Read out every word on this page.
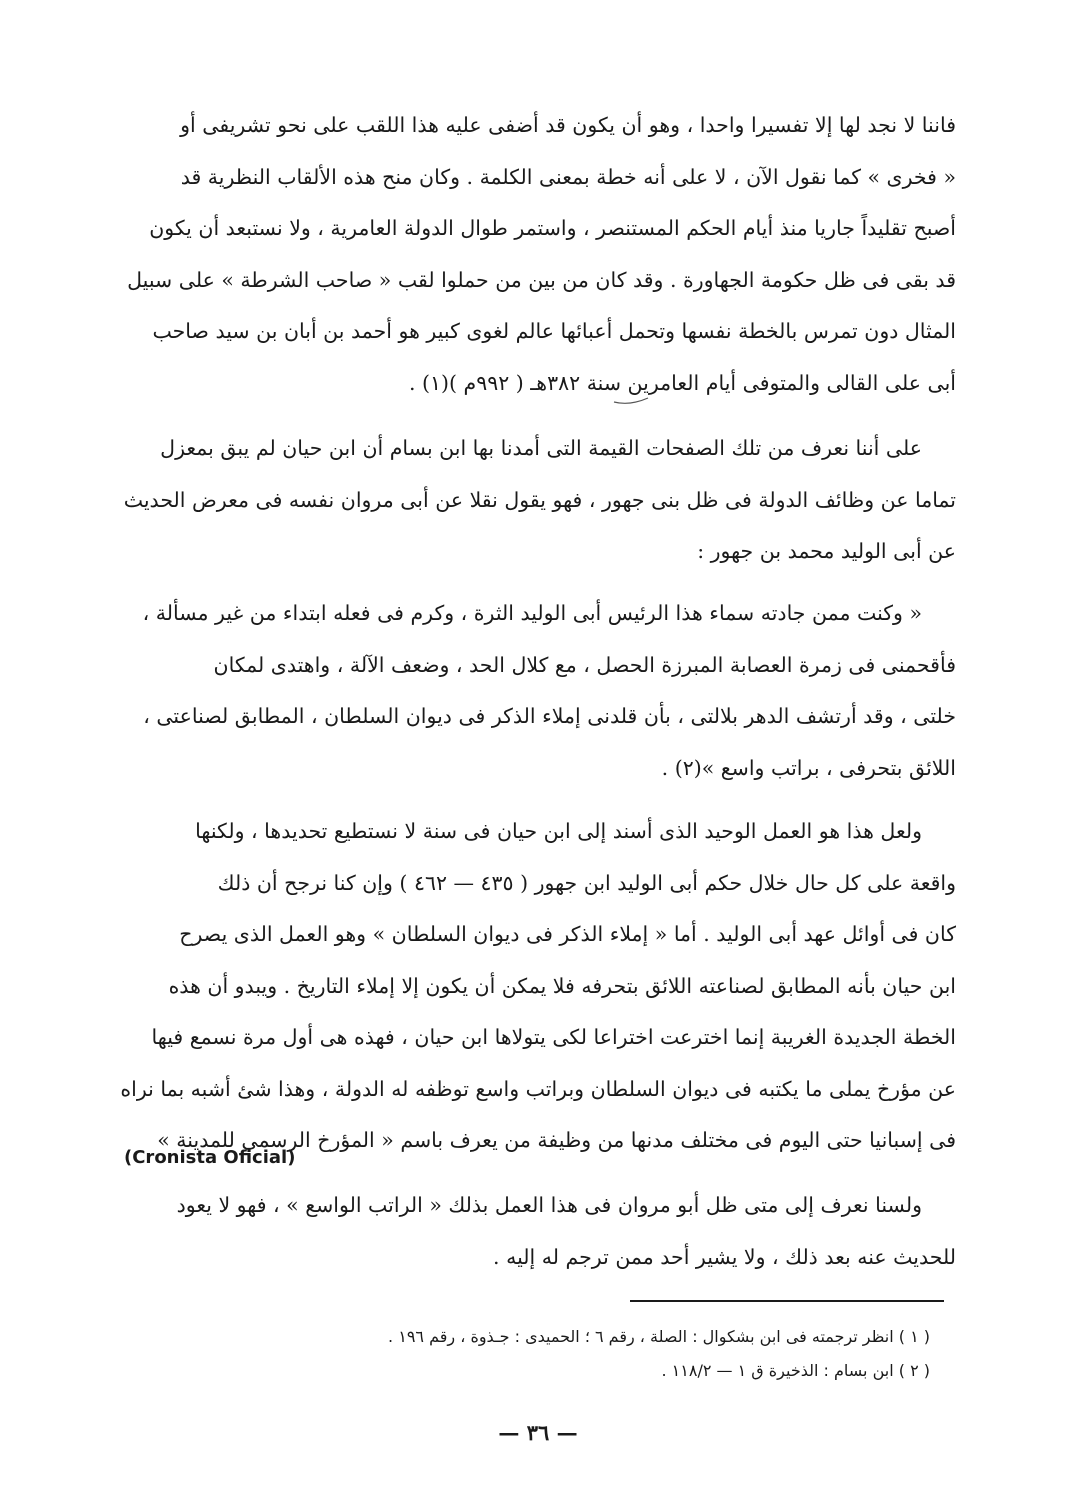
فاننا لا نجد لها إلا تفسيرا واحدا ، وهو أن يكون قد أضفى عليه هذا اللقب على نحو تشريفى أو

« فخرى » كما نقول الآن ، لا على أنه خطة بمعنى الكلمة . وكان منح هذه الألقاب النظرية قد

أصبح تقليداً جاريا منذ أيام الحكم المستنصر ، واستمر طوال الدولة العامرية ، ولا نستبعد أن يكون

قد بقى فى ظل حكومة الجهاورة . وقد كان من بين من حملوا لقب « صاحب الشرطة » على سبيل

المثال دون تمرس بالخطة نفسها وتحمل أعبائها عالم لغوى كبير هو أحمد بن أبان بن سيد صاحب

أبى على القالى والمتوفى أيام العامرين سنة ٣٨٢هـ ( ٩٩٢م )(١) .

على أننا نعرف من تلك الصفحات القيمة التى أمدنا بها ابن بسام أن ابن حيان لم يبق بمعزل

تماما عن وظائف الدولة فى ظل بنى جهور ، فهو يقول نقلا عن أبى مروان نفسه فى معرض الحديث

عن أبى الوليد محمد بن جهور :

« وكنت ممن جادته سماء هذا الرئيس أبى الوليد الثرة ، وكرم فى فعله ابتداء من غير مسألة ،

فأقحمنى فى زمرة العصابة المبرزة الحصل ، مع كلال الحد ، وضعف الآلة ، واهتدى لمكان

خلتى ، وقد أرتشف الدهر بلالتى ، بأن قلدنى إملاء الذكر فى ديوان السلطان ، المطابق لصناعتى ،

اللائق بتحرفى ، براتب واسع »(٢) .

ولعل هذا هو العمل الوحيد الذى أسند إلى ابن حيان فى سنة لا نستطيع تحديدها ، ولكنها

واقعة على كل حال خلال حكم أبى الوليد ابن جهور ( ٤٣٥ — ٤٦٢ ) وإن كنا نرجح أن ذلك

كان فى أوائل عهد أبى الوليد . أما « إملاء الذكر فى ديوان السلطان » وهو العمل الذى يصرح

ابن حيان بأنه المطابق لصناعته اللائق بتحرفه فلا يمكن أن يكون إلا إملاء التاريخ . ويبدو أن هذه

الخطة الجديدة الغريبة إنما اخترعت اختراعا لكى يتولاها ابن حيان ، فهذه هى أول مرة نسمع فيها

عن مؤرخ يملى ما يكتبه فى ديوان السلطان وبراتب واسع توظفه له الدولة ، وهذا شئ أشبه بما نراه

فى إسبانيا حتى اليوم فى مختلف مدنها من وظيفة من يعرف باسم « المؤرخ الرسمى للمدينة »

(Cronista Oficial)

ولسنا نعرف إلى متى ظل أبو مروان فى هذا العمل بذلك « الراتب الواسع » ، فهو لا يعود

للحديث عنه بعد ذلك ، ولا يشير أحد ممن ترجم له إليه .

( ١ ) انظر ترجمته فى ابن بشكوال : الصلة ، رقم ٦ ؛ الحميدى : جـذوة ، رقم ١٩٦ .
( ٢ ) ابن بسام : الذخيرة ق ١ — ١١٨/٢ .
— ٣٦ —
